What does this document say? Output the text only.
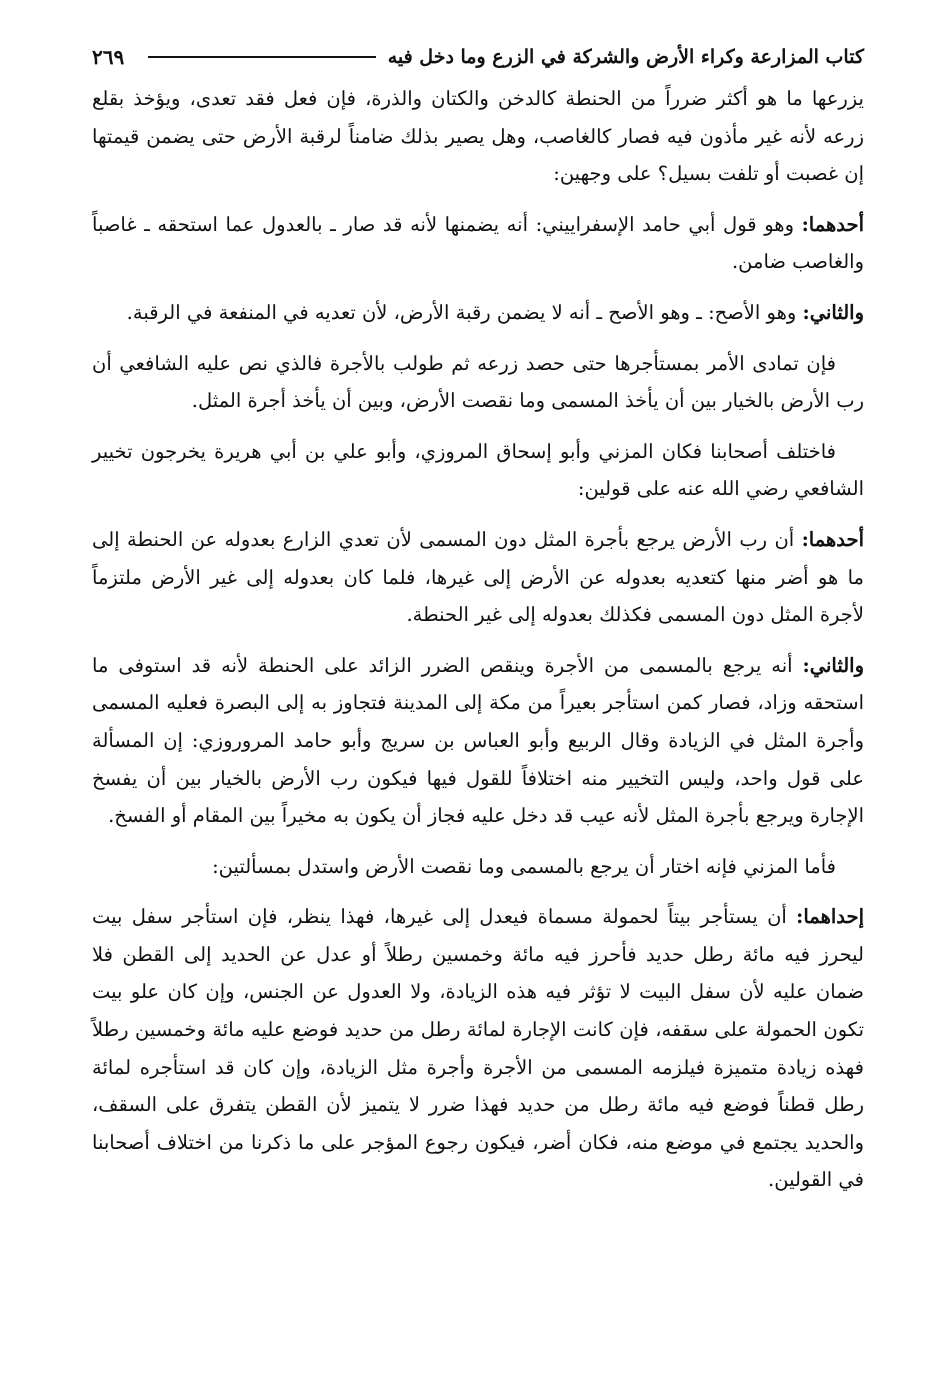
كتاب المزارعة وكراء الأرض والشركة في الزرع وما دخل فيه
٢٦٩

يزرعها ما هو أكثر ضرراً من الحنطة كالدخن والكتان والذرة، فإن فعل فقد تعدى، ويؤخذ بقلع زرعه لأنه غير مأذون فيه فصار كالغاصب، وهل يصير بذلك ضامناً لرقبة الأرض حتى يضمن قيمتها إن غصبت أو تلفت بسيل؟ على وجهين:

أحدهما: وهو قول أبي حامد الإسفراييني: أنه يضمنها لأنه قد صار ـ بالعدول عما استحقه ـ غاصباً والغاصب ضامن.

والثاني: وهو الأصح: ـ وهو الأصح ـ أنه لا يضمن رقبة الأرض، لأن تعديه في المنفعة في الرقبة.

فإن تمادى الأمر بمستأجرها حتى حصد زرعه ثم طولب بالأجرة فالذي نص عليه الشافعي أن رب الأرض بالخيار بين أن يأخذ المسمى وما نقصت الأرض، وبين أن يأخذ أجرة المثل.

فاختلف أصحابنا فكان المزني وأبو إسحاق المروزي، وأبو علي بن أبي هريرة يخرجون تخيير الشافعي رضي الله عنه على قولين:

أحدهما: أن رب الأرض يرجع بأجرة المثل دون المسمى لأن تعدي الزارع بعدوله عن الحنطة إلى ما هو أضر منها كتعديه بعدوله عن الأرض إلى غيرها، فلما كان بعدوله إلى غير الأرض ملتزماً لأجرة المثل دون المسمى فكذلك بعدوله إلى غير الحنطة.

والثاني: أنه يرجع بالمسمى من الأجرة وينقص الضرر الزائد على الحنطة لأنه قد استوفى ما استحقه وزاد، فصار كمن استأجر بعيراً من مكة إلى المدينة فتجاوز به إلى البصرة فعليه المسمى وأجرة المثل في الزيادة وقال الربيع وأبو العباس بن سريج وأبو حامد المروروزي: إن المسألة على قول واحد، وليس التخيير منه اختلافاً للقول فيها فيكون رب الأرض بالخيار بين أن يفسخ الإجارة ويرجع بأجرة المثل لأنه عيب قد دخل عليه فجاز أن يكون به مخيراً بين المقام أو الفسخ.

فأما المزني فإنه اختار أن يرجع بالمسمى وما نقصت الأرض واستدل بمسألتين:

إحداهما: أن يستأجر بيتاً لحمولة مسماة فيعدل إلى غيرها، فهذا ينظر، فإن استأجر سفل بيت ليحرز فيه مائة رطل حديد فأحرز فيه مائة وخمسين رطلاً أو عدل عن الحديد إلى القطن فلا ضمان عليه لأن سفل البيت لا تؤثر فيه هذه الزيادة، ولا العدول عن الجنس، وإن كان علو بيت تكون الحمولة على سقفه، فإن كانت الإجارة لمائة رطل من حديد فوضع عليه مائة وخمسين رطلاً فهذه زيادة متميزة فيلزمه المسمى من الأجرة وأجرة مثل الزيادة، وإن كان قد استأجره لمائة رطل قطناً فوضع فيه مائة رطل من حديد فهذا ضرر لا يتميز لأن القطن يتفرق على السقف، والحديد يجتمع في موضع منه، فكان أضر، فيكون رجوع المؤجر على ما ذكرنا من اختلاف أصحابنا في القولين.
